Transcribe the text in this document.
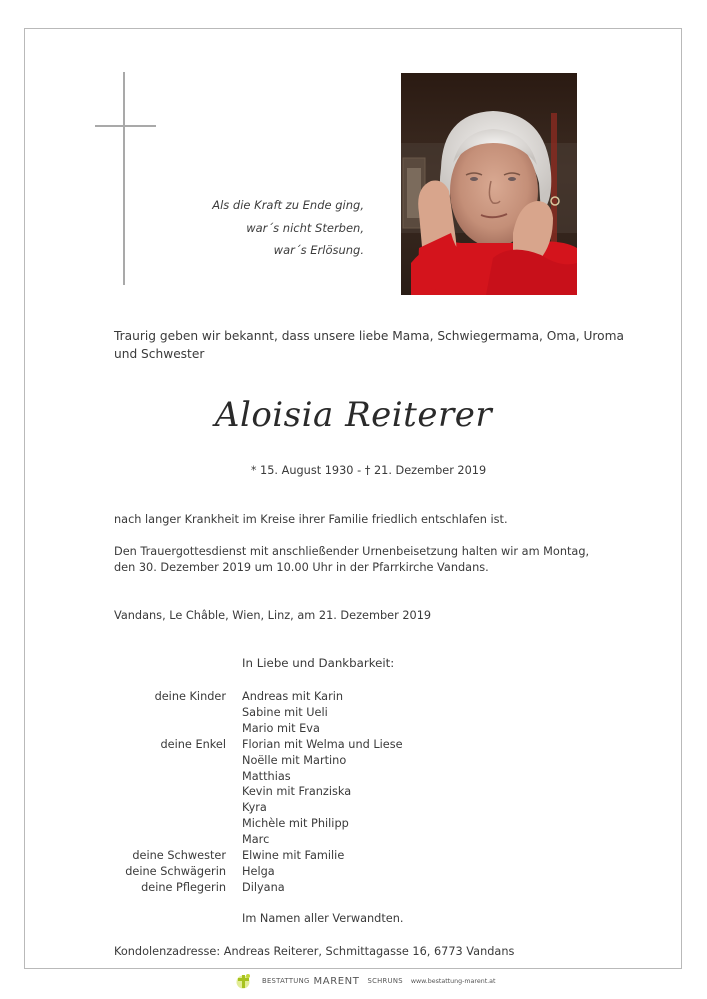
Als die Kraft zu Ende ging,
war´s nicht Sterben,
war´s Erlösung.
Traurig geben wir bekannt, dass unsere liebe Mama, Schwiegermama, Oma, Uroma und Schwester
Aloisia Reiterer
* 15. August 1930 - † 21. Dezember 2019
nach langer Krankheit im Kreise ihrer Familie friedlich entschlafen ist.
Den Trauergottesdienst mit anschließender Urnenbeisetzung halten wir am Montag,
den 30. Dezember 2019 um 10.00 Uhr in der Pfarrkirche Vandans.
Vandans, Le Châble, Wien, Linz, am 21. Dezember 2019
In Liebe und Dankbarkeit:
deine Kinder Andreas mit Karin
Sabine mit Ueli
Mario mit Eva
deine Enkel Florian mit Welma und Liese
Noëlle mit Martino
Matthias
Kevin mit Franziska
Kyra
Michèle mit Philipp
Marc
deine Schwester Elwine mit Familie
deine Schwägerin Helga
deine Pflegerin Dilyana
Im Namen aller Verwandten.
Kondolenzadresse: Andreas Reiterer, Schmittagasse 16, 6773 Vandans
BESTATTUNG MARENT SCHRUNS www.bestattung-marent.at
